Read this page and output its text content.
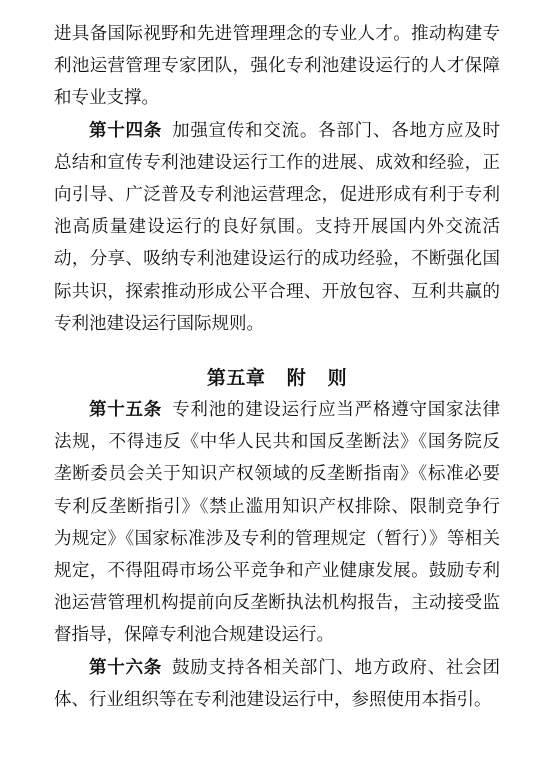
进具备国际视野和先进管理理念的专业人才。推动构建专利池运营管理专家团队，强化专利池建设运行的人才保障和专业支撑。

第十四条 加强宣传和交流。各部门、各地方应及时总结和宣传专利池建设运行工作的进展、成效和经验，正向引导、广泛普及专利池运营理念，促进形成有利于专利池高质量建设运行的良好氛围。支持开展国内外交流活动，分享、吸纳专利池建设运行的成功经验，不断强化国际共识，探索推动形成公平合理、开放包容、互利共赢的专利池建设运行国际规则。

第五章   附   则

第十五条 专利池的建设运行应当严格遵守国家法律法规，不得违反《中华人民共和国反垄断法》《国务院反垄断委员会关于知识产权领域的反垄断指南》《标准必要专利反垄断指引》《禁止滥用知识产权排除、限制竞争行为规定》《国家标准涉及专利的管理规定（暂行）》等相关规定，不得阻碍市场公平竞争和产业健康发展。鼓励专利池运营管理机构提前向反垄断执法机构报告，主动接受监督指导，保障专利池合规建设运行。

第十六条 鼓励支持各相关部门、地方政府、社会团体、行业组织等在专利池建设运行中，参照使用本指引。
